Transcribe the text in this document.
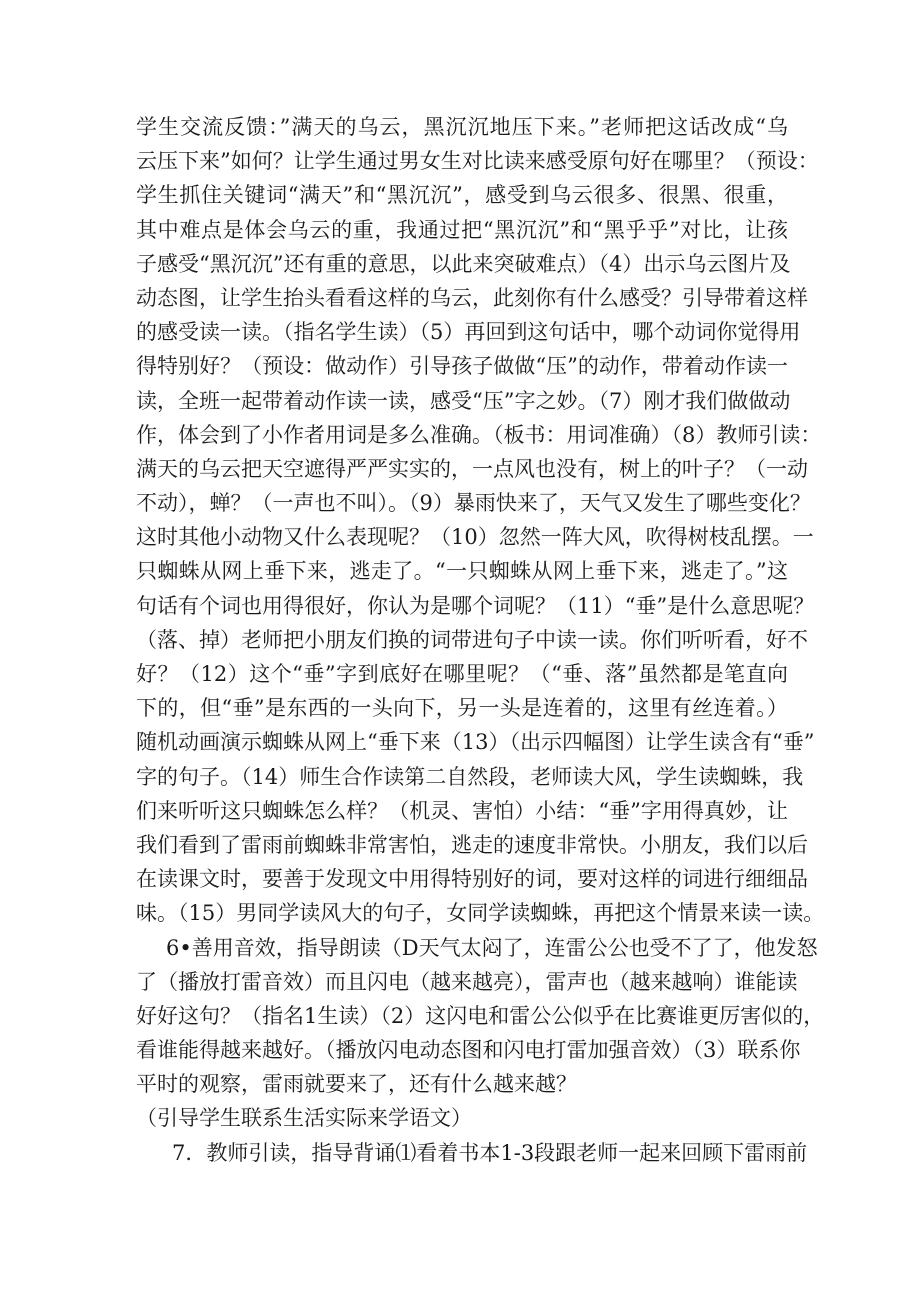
学生交流反馈：”满天的乌云，黑沉沉地压下来。”老师把这话改成“乌
云压下来”如何？让学生通过男女生对比读来感受原句好在哪里？（预设：
学生抓住关键词“满天”和“黑沉沉”，感受到乌云很多、很黑、很重，
其中难点是体会乌云的重，我通过把“黑沉沉”和“黑乎乎”对比，让孩
子感受“黑沉沉”还有重的意思，以此来突破难点）（4）出示乌云图片及
动态图，让学生抬头看看这样的乌云，此刻你有什么感受？引导带着这样
的感受读一读。（指名学生读）（5）再回到这句话中，哪个动词你觉得用
得特别好？（预设：做动作）引导孩子做做“压”的动作，带着动作读一
读，全班一起带着动作读一读，感受“压”字之妙。（7）刚才我们做做动
作，体会到了小作者用词是多么准确。（板书：用词准确）（8）教师引读：
满天的乌云把天空遮得严严实实的，一点风也没有，树上的叶子？（一动
不动），蝉？（一声也不叫）。（9）暴雨快来了，天气又发生了哪些变化？
这时其他小动物又什么表现呢？（10）忽然一阵大风，吹得树枝乱摆。一
只蜘蛛从网上垂下来，逃走了。“一只蜘蛛从网上垂下来，逃走了。”这
句话有个词也用得很好，你认为是哪个词呢？（11）“垂”是什么意思呢？
（落、掉）老师把小朋友们换的词带进句子中读一读。你们听听看，好不
好？（12）这个“垂”字到底好在哪里呢？（“垂、落”虽然都是笔直向
下的，但“垂”是东西的一头向下，另一头是连着的，这里有丝连着。）
随机动画演示蜘蛛从网上“垂下来（13）（出示四幅图）让学生读含有“垂”
字的句子。（14）师生合作读第二自然段，老师读大风，学生读蜘蛛，我
们来听听这只蜘蛛怎么样？（机灵、害怕）小结：“垂”字用得真妙，让
我们看到了雷雨前蜘蛛非常害怕，逃走的速度非常快。小朋友，我们以后
在读课文时，要善于发现文中用得特别好的词，要对这样的词进行细细品
味。（15）男同学读风大的句子，女同学读蜘蛛，再把这个情景来读一读。
6•善用音效，指导朗读（D天气太闷了，连雷公公也受不了了，他发怒
了（播放打雷音效）而且闪电（越来越亮），雷声也（越来越响）谁能读
好好这句？（指名1生读）（2）这闪电和雷公公似乎在比赛谁更厉害似的，
看谁能得越来越好。（播放闪电动态图和闪电打雷加强音效）（3）联系你
平时的观察，雷雨就要来了，还有什么越来越？
（引导学生联系生活实际来学语文）
7．教师引读，指导背诵⑴看着书本1-3段跟老师一起来回顾下雷雨前
